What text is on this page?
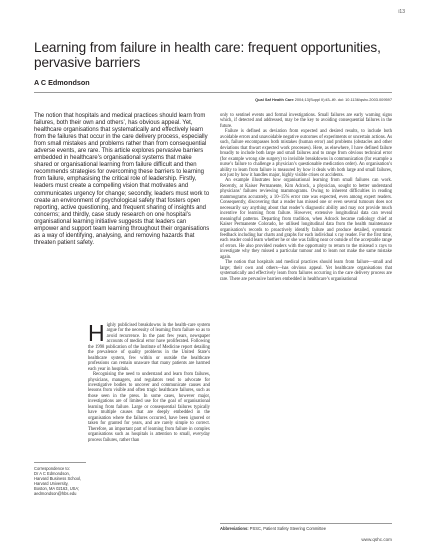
i13
Learning from failure in health care: frequent opportunities, pervasive barriers
A C Edmondson
Qual Saf Health Care 2004;13(Suppl II):ii3–ii9. doi: 10.1136/qshc.2003.009597

The notion that hospitals and medical practices should learn from failures, both their own and others’, has obvious appeal. Yet, healthcare organisations that systematically and effectively learn from the failures that occur in the care delivery process, especially from small mistakes and problems rather than from consequential adverse events, are rare. This article explores pervasive barriers embedded in healthcare’s organisational systems that make shared or organisational learning from failure difficult and then recommends strategies for overcoming these barriers to learning from failure, emphasising the critical role of leadership. Firstly, leaders must create a compelling vision that motivates and communicates urgency for change; secondly, leaders must work to create an environment of psychological safety that fosters open reporting, active questioning, and frequent sharing of insights and concerns; and thirdly, case study research on one hospital’s organisational learning initiative suggests that leaders can empower and support team learning throughout their organisations as a way of identifying, analysing, and removing hazards that threaten patient safety.

Highly publicised breakdowns in the health-care system argue for the necessity of learning from failure so as to avoid recurrence. In the past few years, newspaper accounts of medical error have proliferated. Following the 1998 publication of the Institute of Medicine report detailing the prevalence of quality problems in the United State’s healthcare system, few within or outside the healthcare professions can remain unaware that many patients are harmed each year in hospitals.

Recognising the need to understand and learn from failures, physicians, managers, and regulators tend to advocate for investigative bodies to uncover and communicate causes and lessons from visible and often tragic healthcare failures, such as those seen in the press. In some cases, however major, investigations are of limited use for the goal of organisational learning from failure. Large or consequential failures typically have multiple causes that are deeply embedded in the organisation where the failures occurred, have been ignored or taken for granted for years, and are rarely simple to correct. Therefore, an important part of learning from failure in complex organisations such as hospitals is attention to small, everyday process failures, rather than

only to sentinel events and formal investigations. Small failures are early warning signs which, if detected and addressed, may be the key to avoiding consequential failures in the future.

Failure is defined as deviation from expected and desired results, to include both avoidable errors and unavoidable negative outcomes of experiments or uncertain actions. As such, failure encompasses both mistakes (human error) and problems (obstacles and other deviations that thwart expected work processes). Here, as elsewhere, I have defined failure broadly to include both large and small failures and to range from obvious technical error (for example wrong site surgery) to invisible breakdowns in communication (for example a nurse’s failure to challenge a physician’s questionable medication order). An organisation’s ability to learn from failure is measured by how it deals with both large and small failures, not just by how it handles major, highly visible crises or accidents.

An example illustrates how organisational learning from small failures can work. Recently, at Kaiser Permanente, Kim Adcock, a physician, sought to better understand physicians’ failures reviewing mammograms. Owing to inherent difficulties in reading mammograms accurately, a 10–15% error rate was expected, even among expert readers. Consequently, discovering that a reader has missed one or even several tumours does not necessarily say anything about that reader’s diagnostic ability and may not provide much incentive for learning from failure. However, extensive longitudinal data can reveal meaningful patterns. Departing from tradition, when Adcock became radiology chief at Kaiser Permanente Colorado, he utilised longitudinal data from the health maintenance organisation’s records to proactively identify failure and produce detailed, systematic feedback including bar charts and graphs for each individual x ray reader. For the first time, each reader could learn whether he or she was falling near or outside of the acceptable range of errors. He also provided readers with the opportunity to return to the misread x rays to investigate why they missed a particular tumour and to learn not make the same mistake again.

The notion that hospitals and medical practices should learn from failure—small and large; their own and others—has obvious appeal. Yet healthcare organisations that systematically and effectively learn from failures occurring in the care delivery process are rare. There are pervasive barriers embedded in healthcare’s organisational

Correspondence to:
Dr A C Edmondson,
Harvard Business School,
Harvard University,
Boston, MA 02163, USA;
aedmondson@hbs.edu
Abbreviations: PSSC, Patient Safety Steering Committee
www.qshc.com
